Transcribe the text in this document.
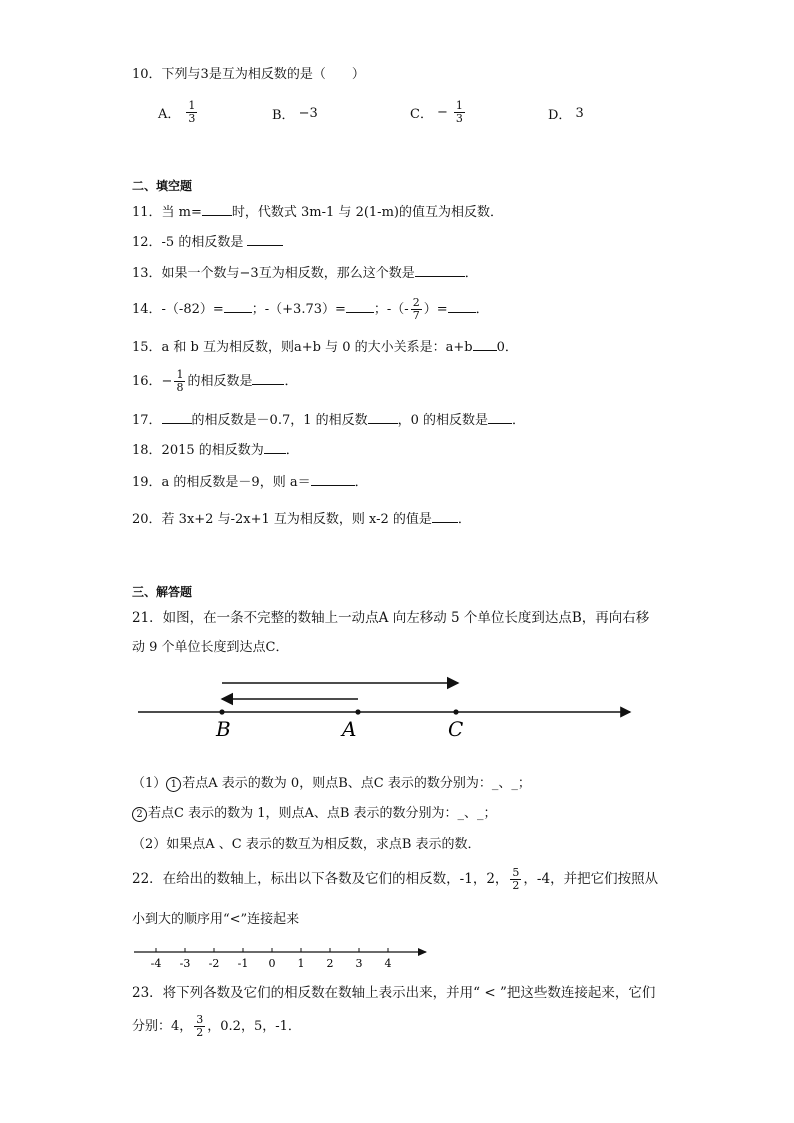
10．下列与3是互为相反数的是（　　）
A． $\frac{1}{3}$	B． −3	C． − $\frac{1}{3}$	D． 3
二、填空题
11．当 m= 时，代数式 3m-1 与 2(1-m)的值互为相反数．
12．-5 的相反数是
13．如果一个数与−3互为相反数，那么这个数是	．
14．-（-82）= ；-（+3.73）= ；-（- $\frac{2}{7}$ ）= ．
15．a 和 b 互为相反数，则a+b 与 0 的大小关系是：a+b 0．
16．− $\frac{1}{8}$ 的相反数是 ．
17． 的相反数是－0.7，1 的相反数 ，0 的相反数是 ．
18．2015 的相反数为 ．
19．a 的相反数是－9，则 a＝	．
20．若 3x+2 与-2x+1 互为相反数，则 x-2 的值是 ．
三、解答题
21．如图，在一条不完整的数轴上一动点A 向左移动 5 个单位长度到达点B，再向右移
动 9 个单位长度到达点C．
B	A	C
（1） 1 若点A 表示的数为 0，则点B、点C 表示的数分别为：_、_；
2 若点C 表示的数为 1，则点A、点B 表示的数分别为：_、_；
（2）如果点A 、C 表示的数互为相反数，求点B 表示的数．
22．在给出的数轴上，标出以下各数及它们的相反数，-1，2， $\frac{5}{2}$ ，-4，并把它们按照从
小到大的顺序用“<”连接起来
-4 -3 -2 -1 0 1 2 3 4
23．将下列各数及它们的相反数在数轴上表示出来，并用“ < ”把这些数连接起来，它们
分别：4， $\frac{3}{2}$ ，0.2，5，-1．
